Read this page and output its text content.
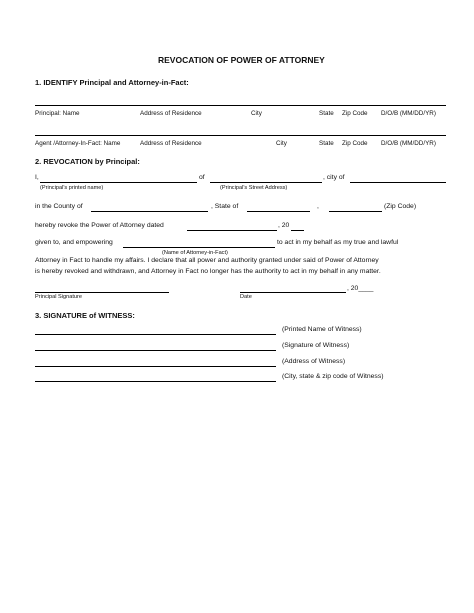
REVOCATION OF POWER OF ATTORNEY
1. IDENTIFY Principal and Attorney-in-Fact:
Principal: Name	Address of Residence	City	State Zip Code D/O/B (MM/DD/YR)
Agent /Attorney-In-Fact: Name	Address of Residence	City	State Zip Code D/O/B (MM/DD/YR)
2. REVOCATION by Principal:
I,	of	, city of
(Principal's printed name)	(Principal's Street Address)
in the County of	, State of	,	(Zip Code)
hereby revoke the Power of Attorney dated	, 20
given to, and empowering	to act in my behalf as my true and lawful
(Name of Attorney-in-Fact)
Attorney in Fact to handle my affairs. I declare that all power and authority granted under said of Power of Attorney
is hereby revoked and withdrawn, and Attorney in Fact no longer has the authority to act in my behalf in any matter.
, 20____
Principal Signature	Date
3. SIGNATURE of WITNESS:
(Printed Name of Witness)
(Signature of Witness)
(Address of Witness)
(City, state & zip code of Witness)
